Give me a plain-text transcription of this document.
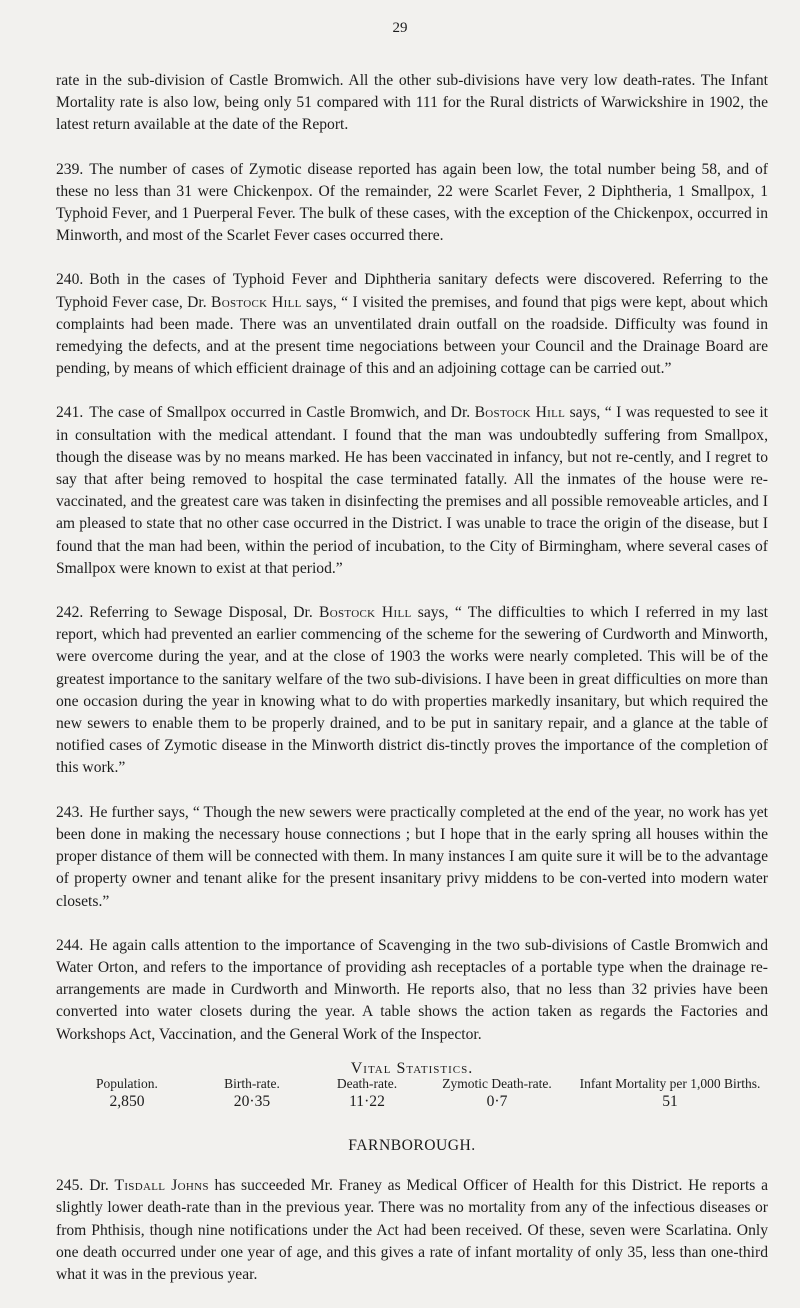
29

rate in the sub-division of Castle Bromwich. All the other sub-divisions have very low death-rates. The Infant Mortality rate is also low, being only 51 compared with 111 for the Rural districts of Warwickshire in 1902, the latest return available at the date of the Report.

239. The number of cases of Zymotic disease reported has again been low, the total number being 58, and of these no less than 31 were Chickenpox. Of the remainder, 22 were Scarlet Fever, 2 Diphtheria, 1 Smallpox, 1 Typhoid Fever, and 1 Puerperal Fever. The bulk of these cases, with the exception of the Chickenpox, occurred in Minworth, and most of the Scarlet Fever cases occurred there.

240. Both in the cases of Typhoid Fever and Diphtheria sanitary defects were discovered. Referring to the Typhoid Fever case, Dr. Bostock Hill says, “ I visited the premises, and found that pigs were kept, about which complaints had been made. There was an unventilated drain outfall on the roadside. Difficulty was found in remedying the defects, and at the present time negociations between your Council and the Drainage Board are pending, by means of which efficient drainage of this and an adjoining cottage can be carried out.”

241. The case of Smallpox occurred in Castle Bromwich, and Dr. Bostock Hill says, “ I was requested to see it in consultation with the medical attendant. I found that the man was undoubtedly suffering from Smallpox, though the disease was by no means marked. He has been vaccinated in infancy, but not re-cently, and I regret to say that after being removed to hospital the case terminated fatally. All the inmates of the house were re-vaccinated, and the greatest care was taken in disinfecting the premises and all possible removeable articles, and I am pleased to state that no other case occurred in the District. I was unable to trace the origin of the disease, but I found that the man had been, within the period of incubation, to the City of Birmingham, where several cases of Smallpox were known to exist at that period.”

242. Referring to Sewage Disposal, Dr. Bostock Hill says, “ The difficulties to which I referred in my last report, which had prevented an earlier commencing of the scheme for the sewering of Curdworth and Minworth, were overcome during the year, and at the close of 1903 the works were nearly completed. This will be of the greatest importance to the sanitary welfare of the two sub-divisions. I have been in great difficulties on more than one occasion during the year in knowing what to do with properties markedly insanitary, but which required the new sewers to enable them to be properly drained, and to be put in sanitary repair, and a glance at the table of notified cases of Zymotic disease in the Minworth district dis-tinctly proves the importance of the completion of this work.”

243. He further says, “ Though the new sewers were practically completed at the end of the year, no work has yet been done in making the necessary house connections ; but I hope that in the early spring all houses within the proper distance of them will be connected with them. In many instances I am quite sure it will be to the advantage of property owner and tenant alike for the present insanitary privy middens to be con-verted into modern water closets.”

244. He again calls attention to the importance of Scavenging in the two sub-divisions of Castle Bromwich and Water Orton, and refers to the importance of providing ash receptacles of a portable type when the drainage re-arrangements are made in Curdworth and Minworth. He reports also, that no less than 32 privies have been converted into water closets during the year. A table shows the action taken as regards the Factories and Workshops Act, Vaccination, and the General Work of the Inspector.

Vital Statistics.
Population.	Birth-rate.	Death-rate.	Zymotic Death-rate.	Infant Mortality per 1,000 Births.
2,850	20·35	11·22	0·7	51
FARNBOROUGH.

245. Dr. Tisdall Johns has succeeded Mr. Franey as Medical Officer of Health for this District. He reports a slightly lower death-rate than in the previous year. There was no mortality from any of the infectious diseases or from Phthisis, though nine notifications under the Act had been received. Of these, seven were Scarlatina. Only one death occurred under one year of age, and this gives a rate of infant mortality of only 35, less than one-third what it was in the previous year.
